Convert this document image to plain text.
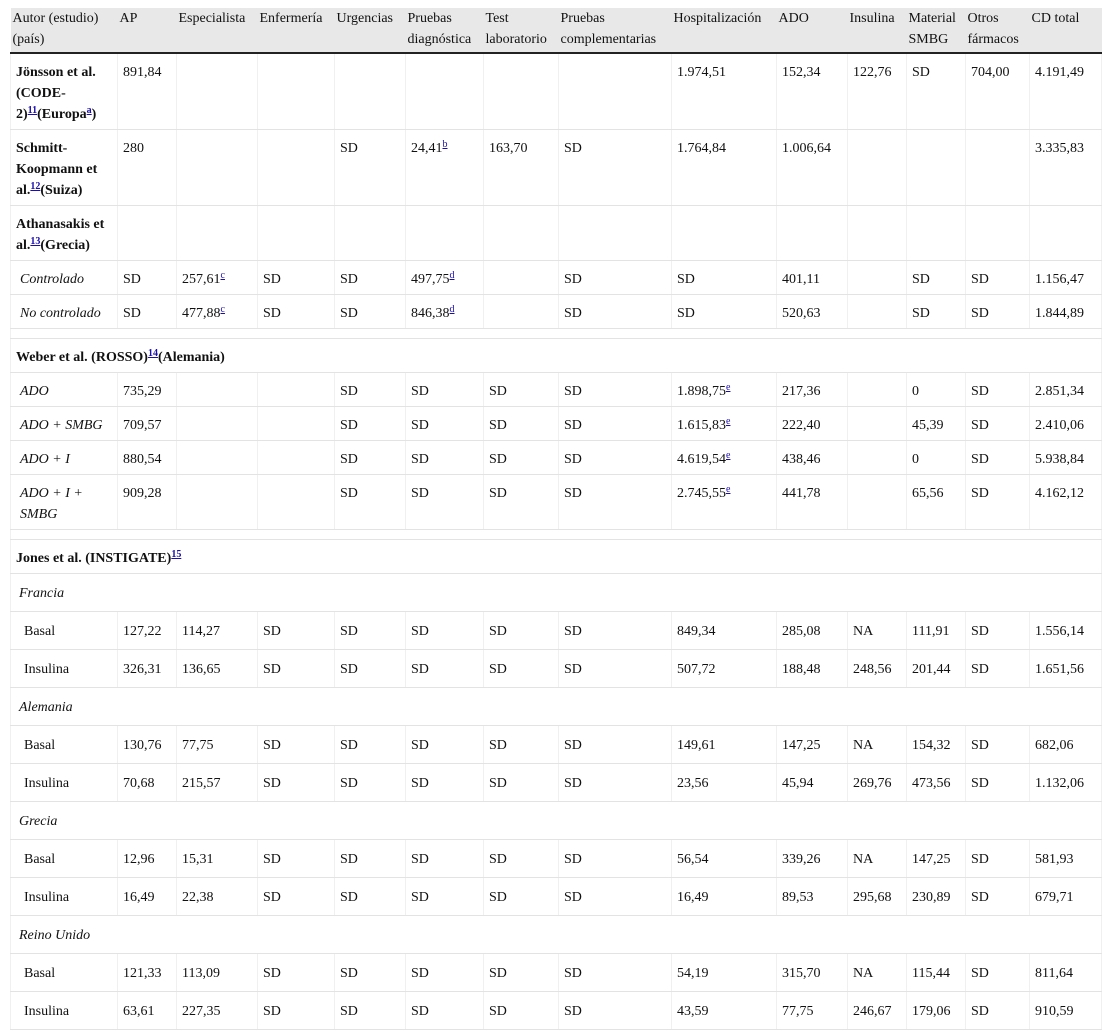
Autor (estudio) (país)	AP	Especialista	Enfermería	Urgencias	Pruebas diagnóstica	Test laboratorio	Pruebas complementarias	Hospitalización	ADO	Insulina	Material SMBG	Otros fármacos	CD total
Jönsson et al. (CODE-2)$^{11}$(Europa$^a$)	891,84							1.974,51	152,34	122,76	SD	704,00	4.191,49
Schmitt-Koopmann et al.$^{12}$(Suiza)	280			SD	24,41$^b$	163,70	SD	1.764,84	1.006,64				3.335,83
Athanasakis et al.$^{13}$(Grecia)													
Controlado	SD	257,61$^c$	SD	SD	497,75$^d$		SD	SD	401,11		SD	SD	1.156,47
No controlado	SD	477,88$^c$	SD	SD	846,38$^d$		SD	SD	520,63		SD	SD	1.844,89

Weber et al. (ROSSO)$^{14}$(Alemania)													
ADO	735,29			SD	SD	SD	SD	1.898,75e	217,36		0	SD	2.851,34
ADO + SMBG	709,57			SD	SD	SD	SD	1.615,83e	222,40		45,39	SD	2.410,06
ADO + I	880,54			SD	SD	SD	SD	4.619,54e	438,46		0	SD	5.938,84
ADO + I + SMBG	909,28			SD	SD	SD	SD	2.745,55e	441,78		65,56	SD	4.162,12

Jones et al. (INSTIGATE)$^{15}$
Francia													
Basal	127,22	114,27	SD	SD	SD	SD	SD	849,34	285,08	NA	111,91	SD	1.556,14
Insulina	326,31	136,65	SD	SD	SD	SD	SD	507,72	188,48	248,56	201,44	SD	1.651,56
Alemania													
Basal	130,76	77,75	SD	SD	SD	SD	SD	149,61	147,25	NA	154,32	SD	682,06
Insulina	70,68	215,57	SD	SD	SD	SD	SD	23,56	45,94	269,76	473,56	SD	1.132,06
Grecia													
Basal	12,96	15,31	SD	SD	SD	SD	SD	56,54	339,26	NA	147,25	SD	581,93
Insulina	16,49	22,38	SD	SD	SD	SD	SD	16,49	89,53	295,68	230,89	SD	679,71
Reino Unido													
Basal	121,33	113,09	SD	SD	SD	SD	SD	54,19	315,70	NA	115,44	SD	811,64
Insulina	63,61	227,35	SD	SD	SD	SD	SD	43,59	77,75	246,67	179,06	SD	910,59
